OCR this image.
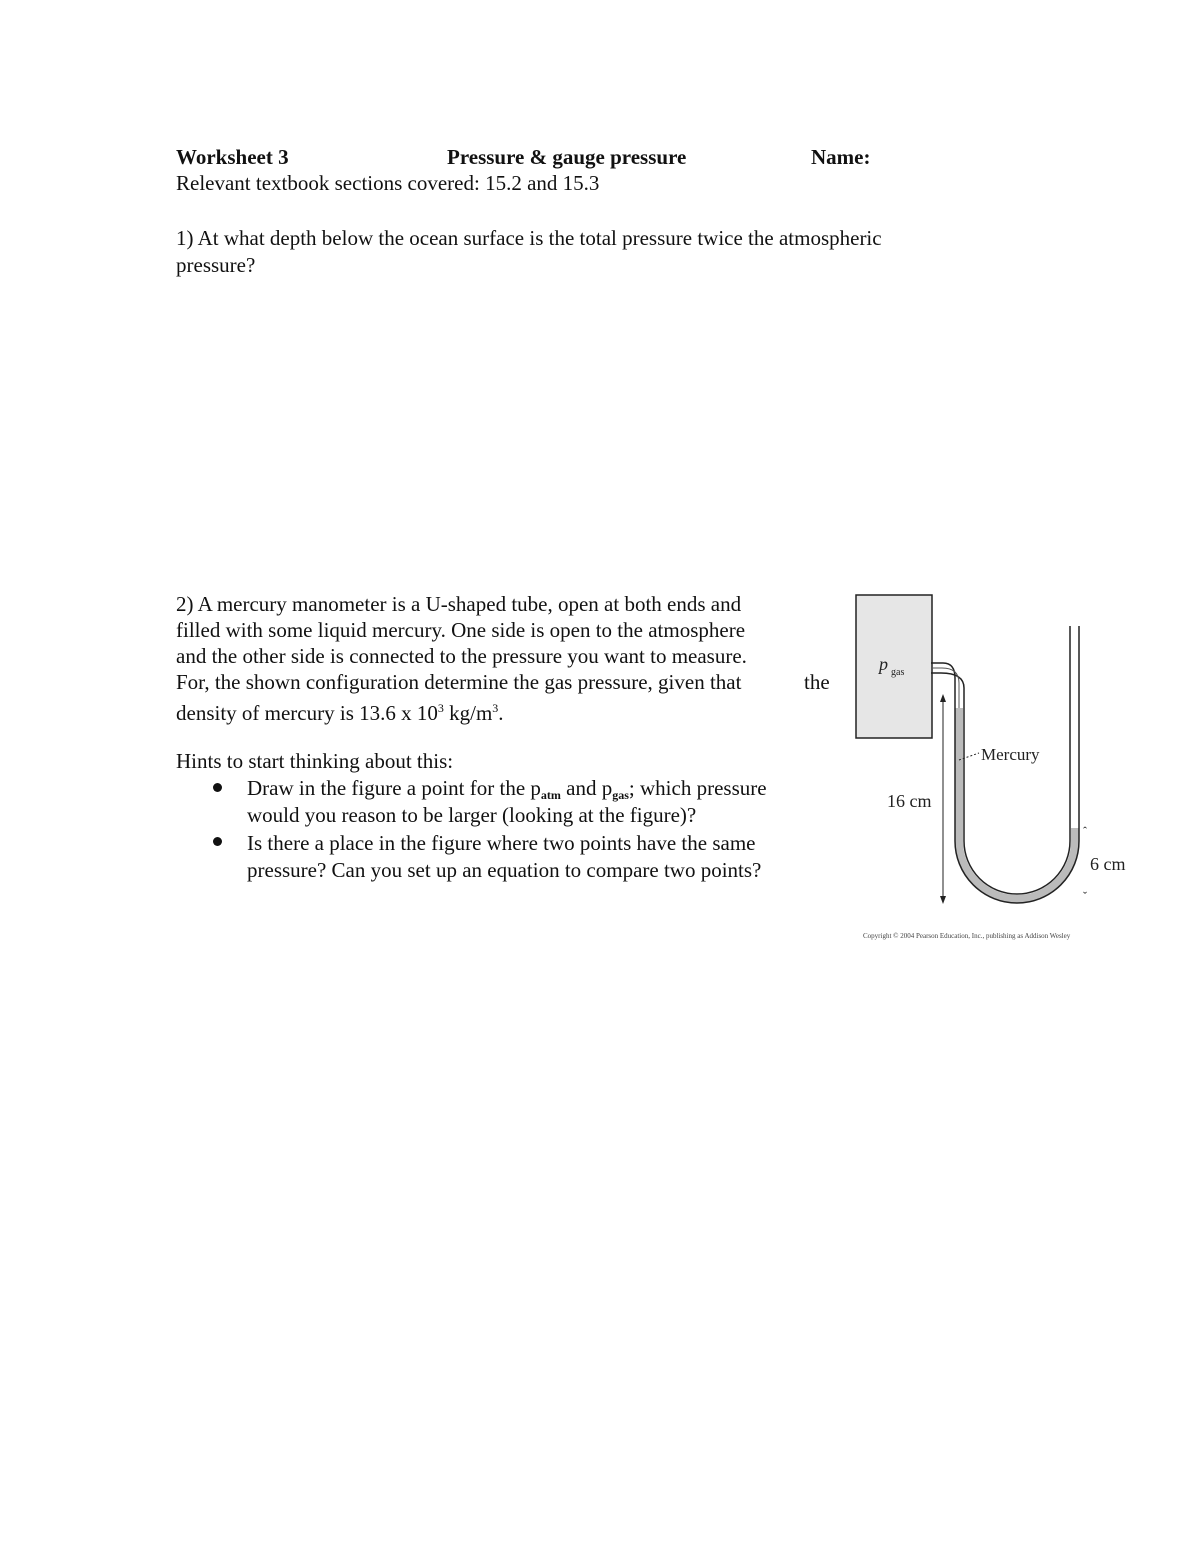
Worksheet 3	Pressure & gauge pressure	Name:
Relevant textbook sections covered: 15.2 and 15.3
1) At what depth below the ocean surface is the total pressure twice the atmospheric
pressure?
2) A mercury manometer is a U-shaped tube, open at both ends and
filled with some liquid mercury. One side is open to the atmosphere
and the other side is connected to the pressure you want to measure.
For, the shown configuration determine the gas pressure, given that	the
density of mercury is 13.6 x $10^3$ $kg/m^3$.
Hints to start thinking about this:
Draw in the figure a point for the $p_{atm}$ and $p_{gas}$; which pressure
would you reason to be larger (looking at the figure)?
Is there a place in the figure where two points have the same
pressure? Can you set up an equation to compare two points?
p gas
Mercury
16 cm
ˆ
ˇ
6 cm
Copyright © 2004 Pearson Education, Inc., publishing as Addison Wesley
